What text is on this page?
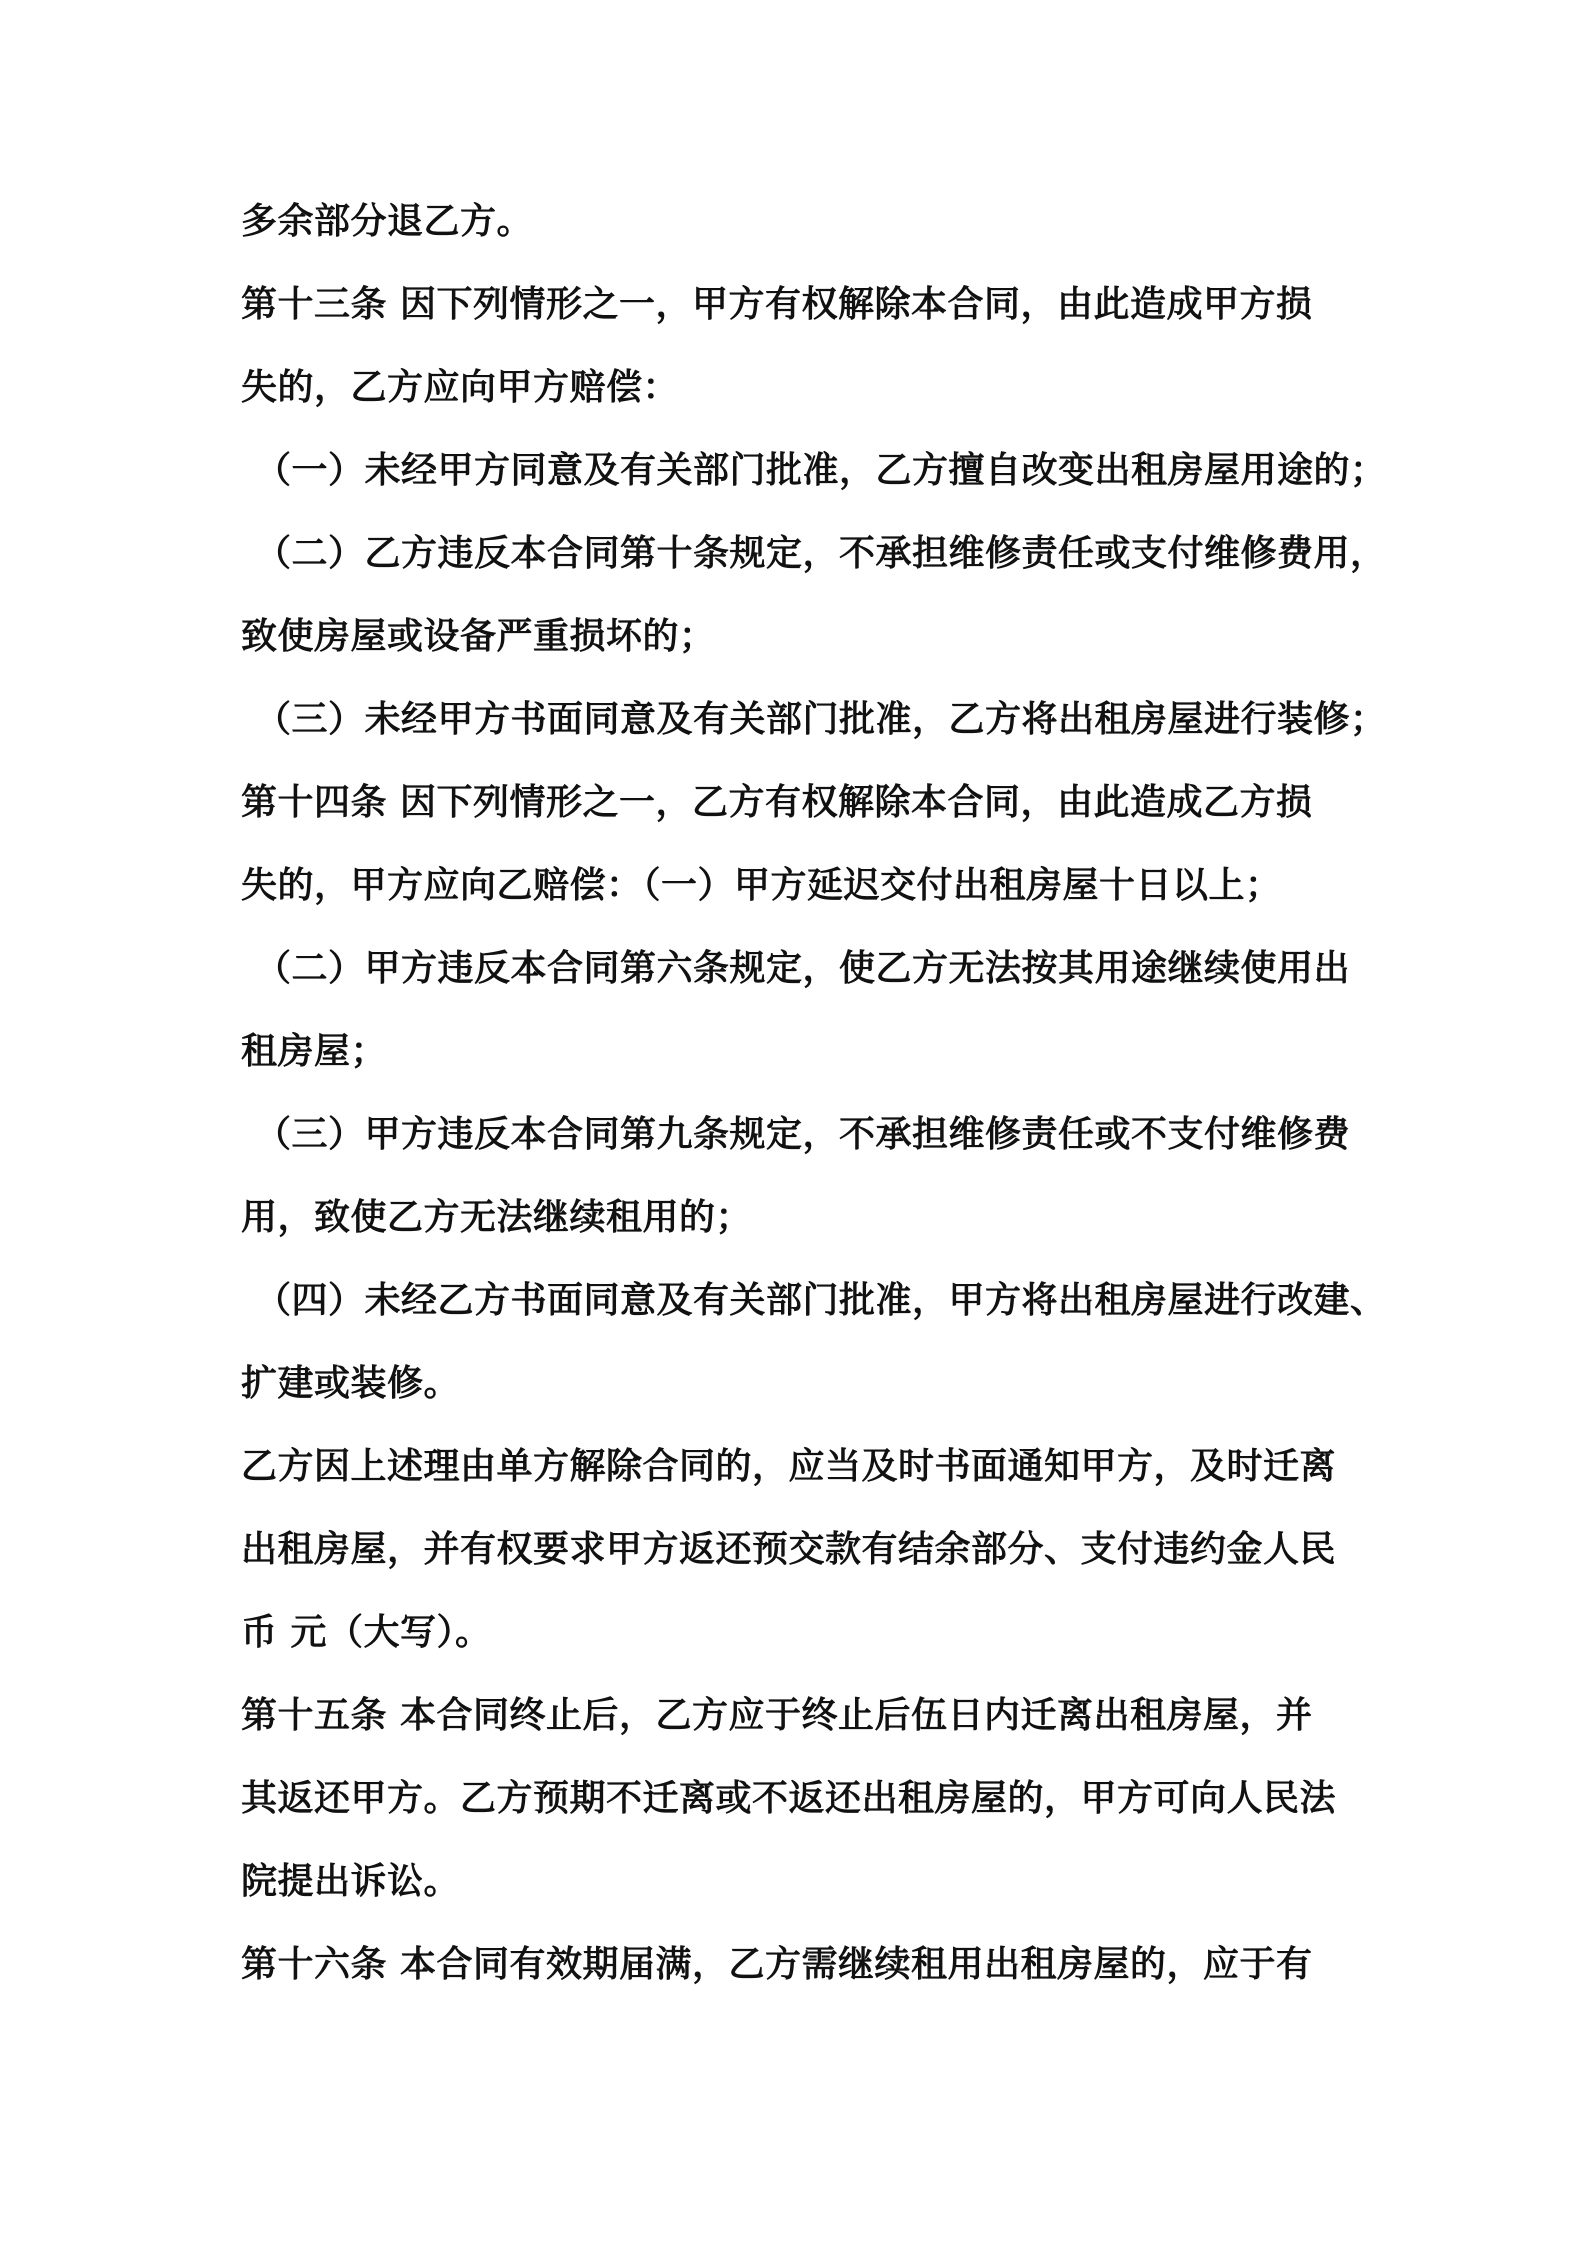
多余部分退乙方。
第十三条 因下列情形之一，甲方有权解除本合同，由此造成甲方损
失的，乙方应向甲方赔偿：
（一）未经甲方同意及有关部门批准，乙方擅自改变出租房屋用途的；
（二）乙方违反本合同第十条规定，不承担维修责任或支付维修费用，
致使房屋或设备严重损坏的；
（三）未经甲方书面同意及有关部门批准，乙方将出租房屋进行装修；
第十四条 因下列情形之一，乙方有权解除本合同，由此造成乙方损
失的，甲方应向乙赔偿：（一）甲方延迟交付出租房屋十日以上；
（二）甲方违反本合同第六条规定，使乙方无法按其用途继续使用出
租房屋；
（三）甲方违反本合同第九条规定，不承担维修责任或不支付维修费
用，致使乙方无法继续租用的；
（四）未经乙方书面同意及有关部门批准，甲方将出租房屋进行改建、
扩建或装修。
乙方因上述理由单方解除合同的，应当及时书面通知甲方，及时迁离
出租房屋，并有权要求甲方返还预交款有结余部分、支付违约金人民
币 元（大写）。
第十五条 本合同终止后，乙方应于终止后伍日内迁离出租房屋，并
其返还甲方。乙方预期不迁离或不返还出租房屋的，甲方可向人民法
院提出诉讼。
第十六条 本合同有效期届满，乙方需继续租用出租房屋的，应于有
